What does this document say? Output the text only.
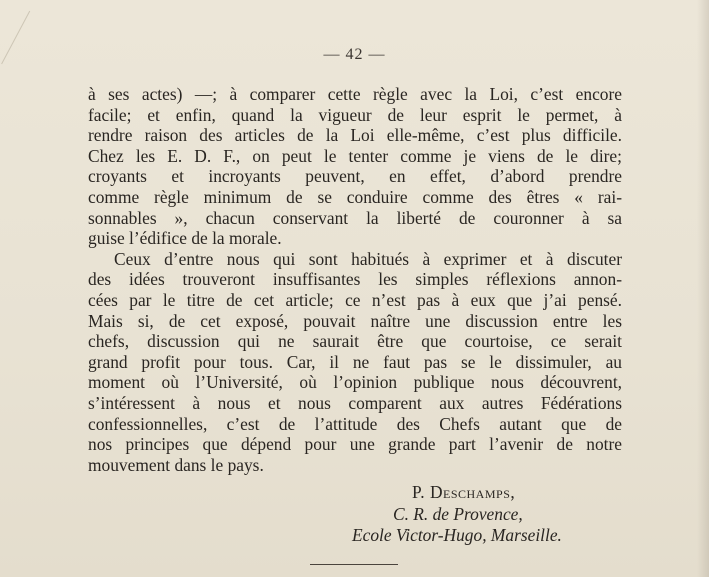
— 42 —
à ses actes) —; à comparer cette règle avec la Loi, c’est encore
facile; et enfin, quand la vigueur de leur esprit le permet, à
rendre raison des articles de la Loi elle-même, c’est plus difficile.
Chez les E. D. F., on peut le tenter comme je viens de le dire;
croyants et incroyants peuvent, en effet, d’abord prendre
comme règle minimum de se conduire comme des êtres « rai-
sonnables », chacun conservant la liberté de couronner à sa
guise l’édifice de la morale.
Ceux d’entre nous qui sont habitués à exprimer et à discuter
des idées trouveront insuffisantes les simples réflexions annon-
cées par le titre de cet article; ce n’est pas à eux que j’ai pensé.
Mais si, de cet exposé, pouvait naître une discussion entre les
chefs, discussion qui ne saurait être que courtoise, ce serait
grand profit pour tous. Car, il ne faut pas se le dissimuler, au
moment où l’Université, où l’opinion publique nous découvrent,
s’intéressent à nous et nous comparent aux autres Fédérations
confessionnelles, c’est de l’attitude des Chefs autant que de
nos principes que dépend pour une grande part l’avenir de notre
mouvement dans le pays.
P. Deschamps,
C. R. de Provence,
Ecole Victor-Hugo, Marseille.
